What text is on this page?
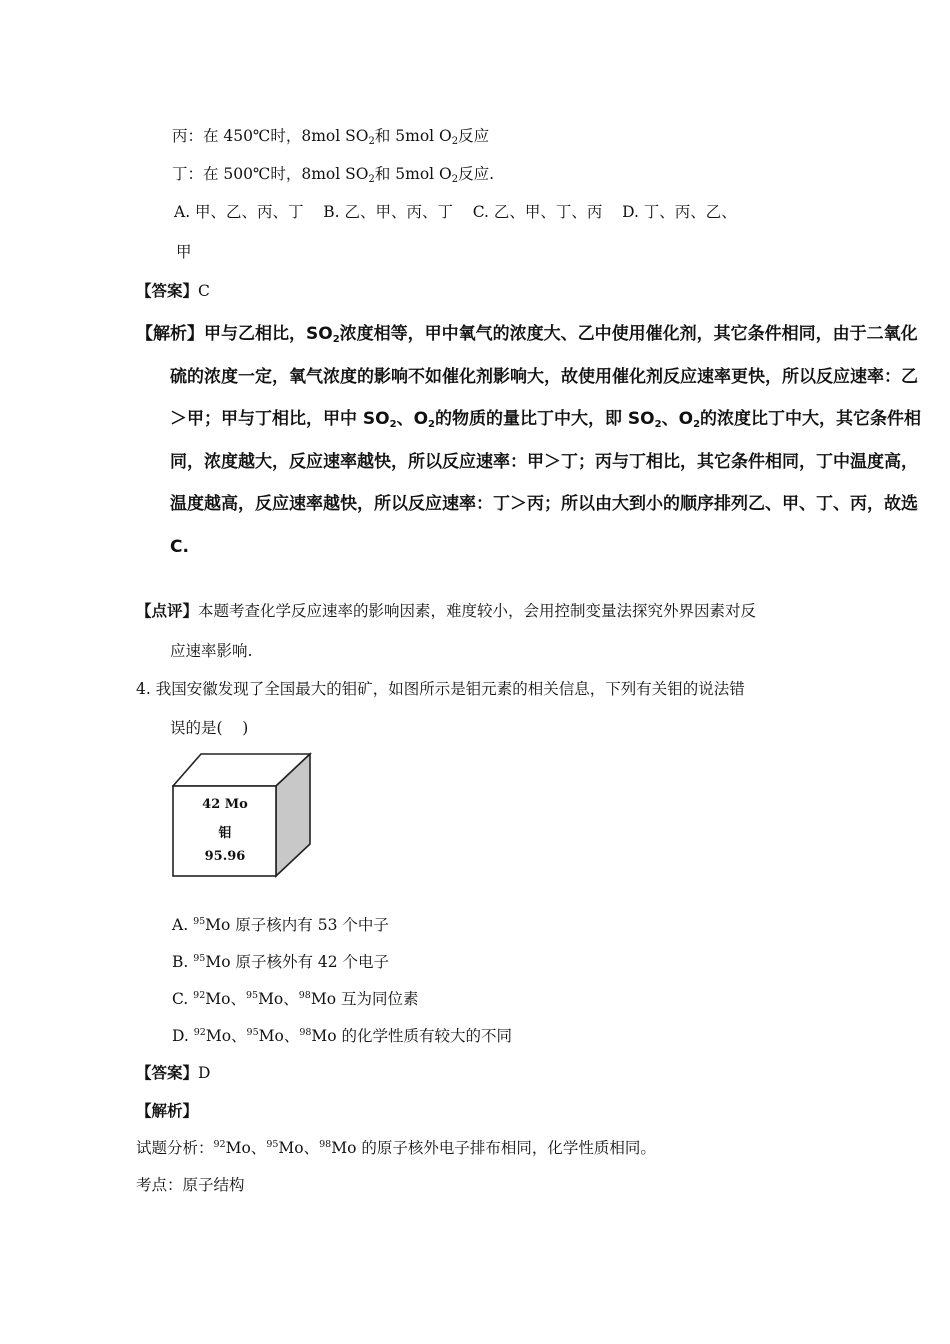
丙：在 450℃时，8mol $SO_2$和 5mol $O_2$反应
丁：在 500℃时，8mol $SO_2$和 5mol $O_2$反应.
A. 甲、乙、丙、丁    B. 乙、甲、丙、丁    C. 乙、甲、丁、丙    D. 丁、丙、乙、
甲
【答案】C
【解析】甲与乙相比，$SO_2$浓度相等，甲中氧气的浓度大、乙中使用催化剂，其它条件相同，由于二氧化
硫的浓度一定，氧气浓度的影响不如催化剂影响大，故使用催化剂反应速率更快，所以反应速率：乙
＞甲；甲与丁相比，甲中 $SO_2$、$O_2$的物质的量比丁中大，即 $SO_2$、$O_2$的浓度比丁中大，其它条件相
同，浓度越大，反应速率越快，所以反应速率：甲＞丁；丙与丁相比，其它条件相同，丁中温度高，
温度越高，反应速率越快，所以反应速率：丁＞丙；所以由大到小的顺序排列乙、甲、丁、丙，故选
C.
【点评】本题考查化学反应速率的影响因素，难度较小，会用控制变量法探究外界因素对反
应速率影响.
4. 我国安徽发现了全国最大的钼矿，如图所示是钼元素的相关信息，下列有关钼的说法错
误的是(    )
42 Mo
钼
95.96
A. $^{95}$Mo 原子核内有 53 个中子
B. $^{95}$Mo 原子核外有 42 个电子
C. $^{92}$Mo、$^{95}$Mo、$^{98}$Mo 互为同位素
D. $^{92}$Mo、$^{95}$Mo、$^{98}$Mo 的化学性质有较大的不同
【答案】D
【解析】
试题分析：$^{92}$Mo、$^{95}$Mo、$^{98}$Mo 的原子核外电子排布相同，化学性质相同。
考点：原子结构
